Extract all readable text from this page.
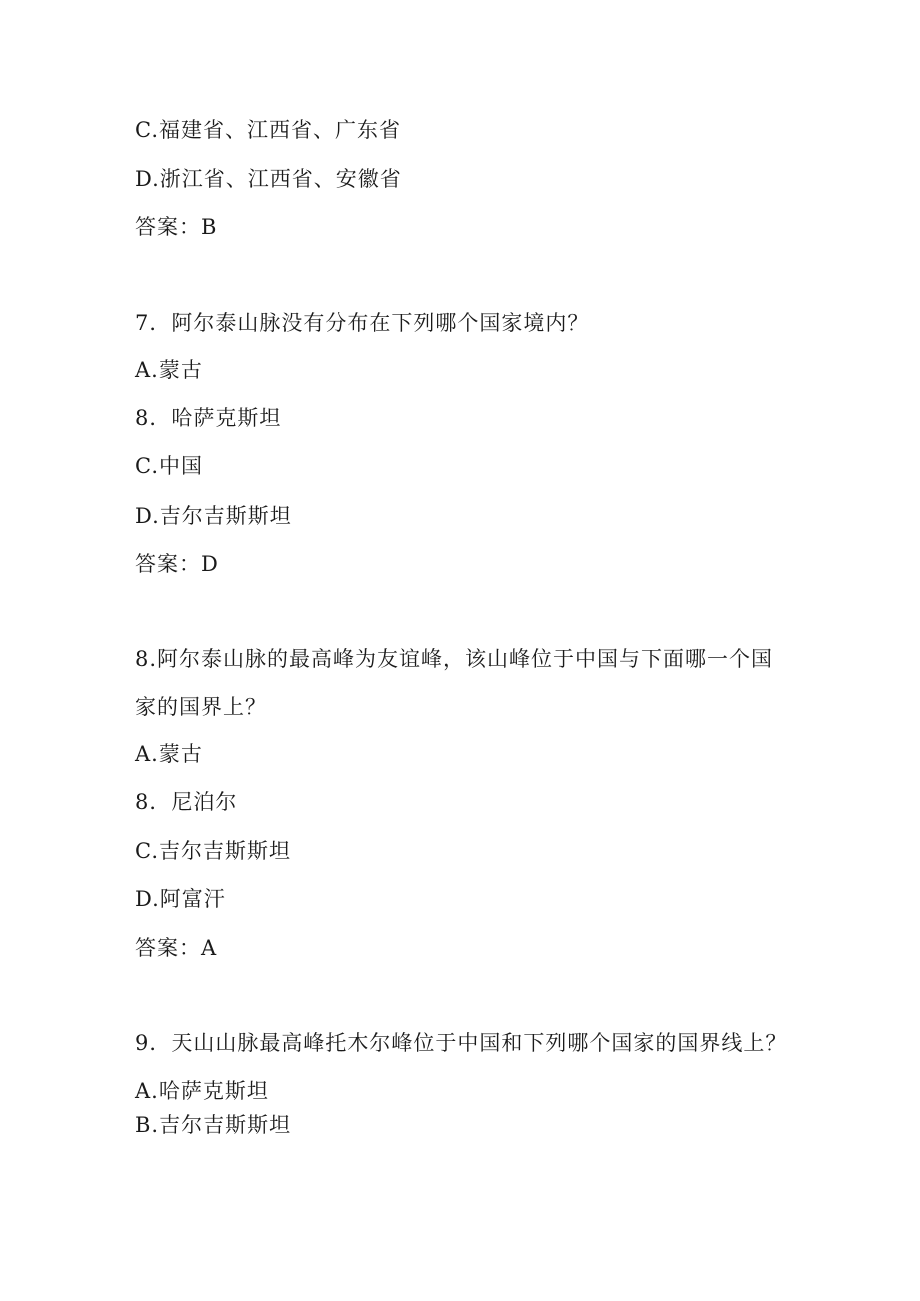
C.福建省、江西省、广东省
D.浙江省、江西省、安徽省
答案：B
7．阿尔泰山脉没有分布在下列哪个国家境内？
A.蒙古
8．哈萨克斯坦
C.中国
D.吉尔吉斯斯坦
答案：D
8.阿尔泰山脉的最高峰为友谊峰，该山峰位于中国与下面哪一个国
家的国界上？
A.蒙古
8．尼泊尔
C.吉尔吉斯斯坦
D.阿富汗
答案：A
9．天山山脉最高峰托木尔峰位于中国和下列哪个国家的国界线上？
A.哈萨克斯坦
B.吉尔吉斯斯坦
